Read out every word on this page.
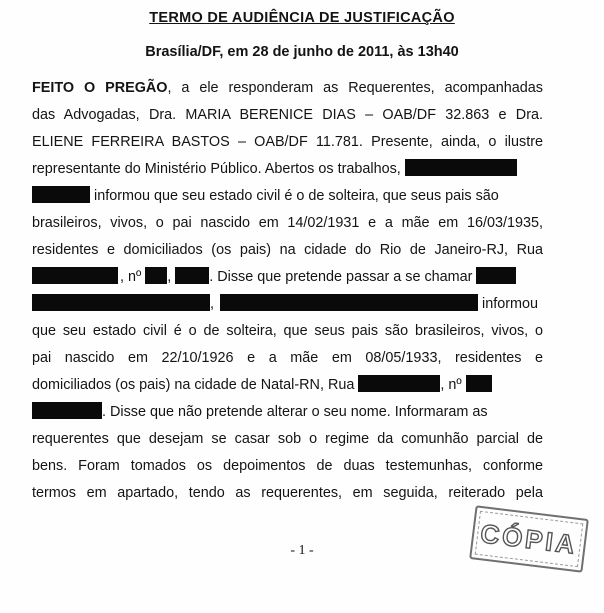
TERMO DE AUDIÊNCIA DE JUSTIFICAÇÃO
Brasília/DF, em 28 de junho de 2011, às 13h40
FEITO O PREGÃO, a ele responderam as Requerentes, acompanhadas
das Advogadas, Dra. MARIA BERENICE DIAS – OAB/DF 32.863 e Dra.
ELIENE FERREIRA BASTOS – OAB/DF 11.781. Presente, ainda, o ilustre
representante do Ministério Público. Abertos os trabalhos,
informou que seu estado civil é o de solteira, que seus pais são
brasileiros, vivos, o pai nascido em 14/02/1931 e a mãe em 16/03/1935,
residentes e domiciliados (os pais) na cidade do Rio de Janeiro-RJ, Rua
, nº ,	. Disse que pretende passar a se chamar
,	informou
que seu estado civil é o de solteira, que seus pais são brasileiros, vivos, o
pai nascido em 22/10/1926 e a mãe em 08/05/1933, residentes e
domiciliados (os pais) na cidade de Natal-RN, Rua	, nº
. Disse que não pretende alterar o seu nome. Informaram as
requerentes que desejam se casar sob o regime da comunhão parcial de
bens. Foram tomados os depoimentos de duas testemunhas, conforme
termos em apartado, tendo as requerentes, em seguida, reiterado pela
- 1 -	CÓPIA
